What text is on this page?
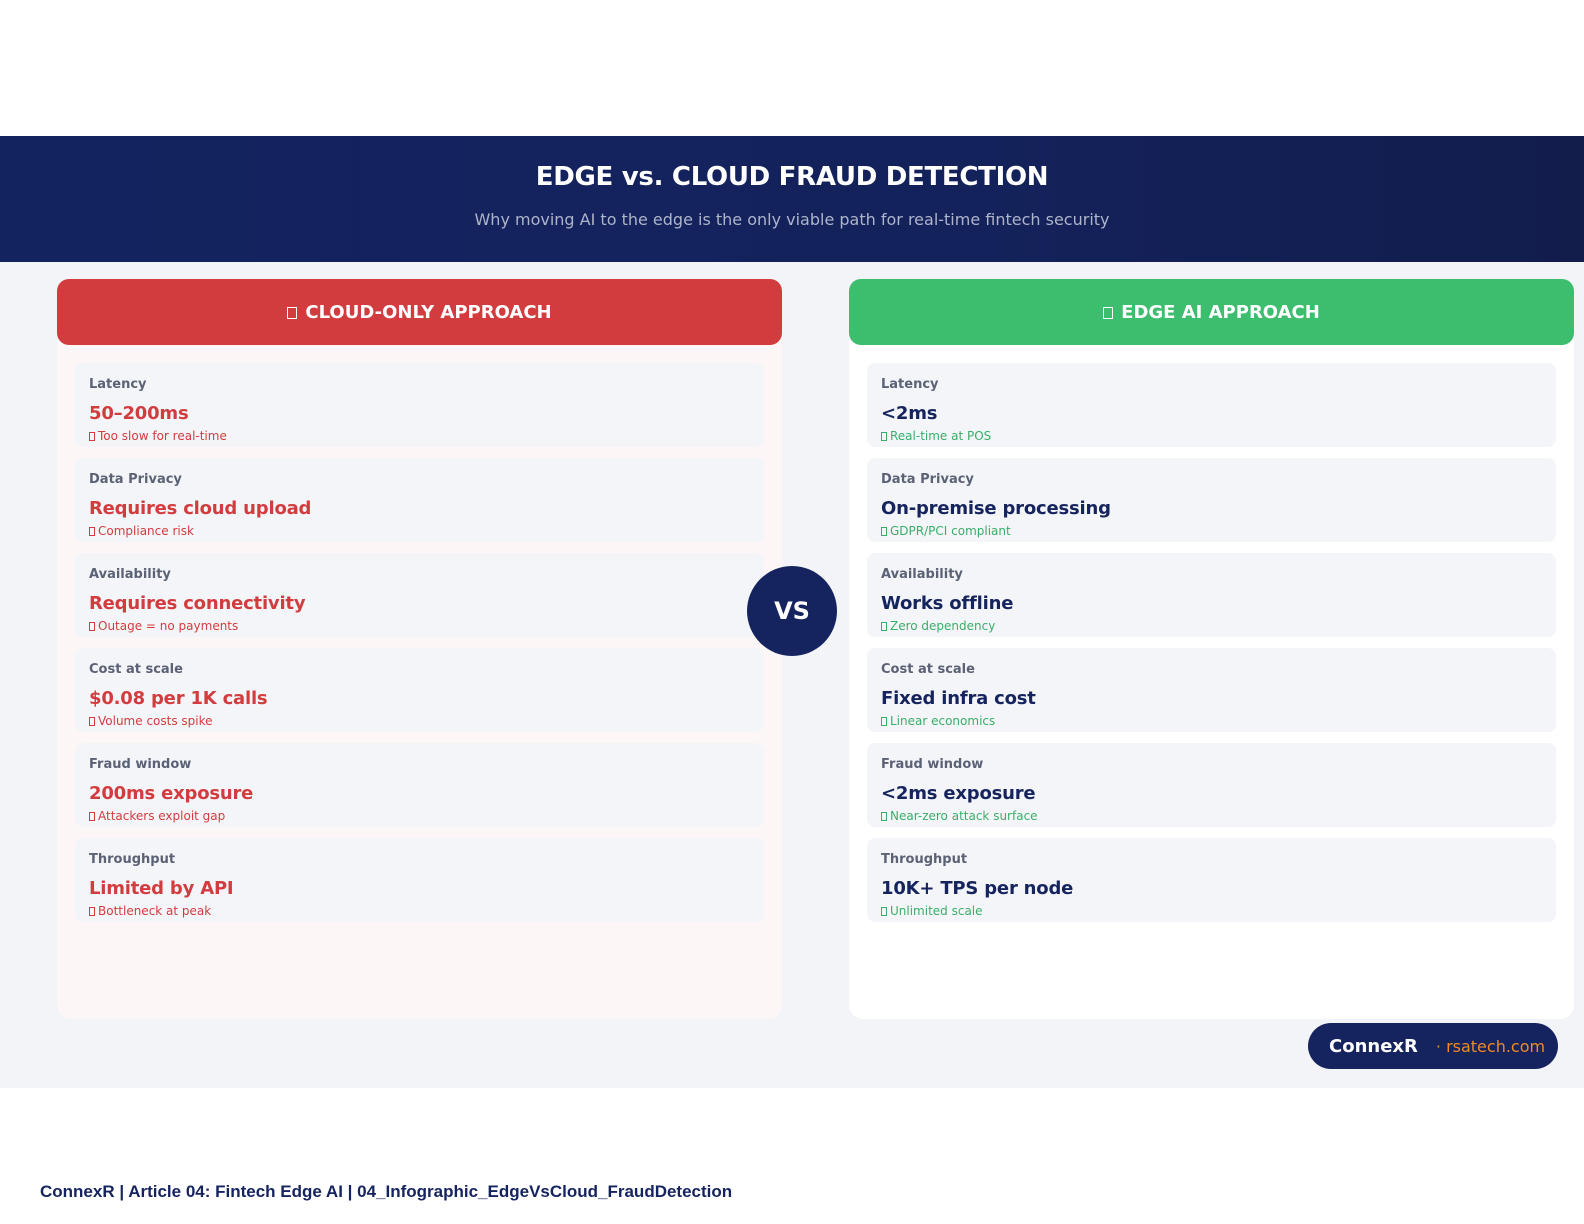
EDGE vs. CLOUD FRAUD DETECTION
Why moving AI to the edge is the only viable path for real-time fintech security
CLOUD-ONLY APPROACH
Latency
50–200ms
Too slow for real-time
Data Privacy
Requires cloud upload
Compliance risk
Availability
Requires connectivity
Outage = no payments
Cost at scale
$0.08 per 1K calls
Volume costs spike
Fraud window
200ms exposure
Attackers exploit gap
Throughput
Limited by API
Bottleneck at peak
EDGE AI APPROACH
Latency
<2ms
Real-time at POS
Data Privacy
On-premise processing
GDPR/PCI compliant
Availability
Works offline
Zero dependency
Cost at scale
Fixed infra cost
Linear economics
Fraud window
<2ms exposure
Near-zero attack surface
Throughput
10K+ TPS per node
Unlimited scale
VS
ConnexR · rsatech.com
ConnexR | Article 04: Fintech Edge AI | 04_Infographic_EdgeVsCloud_FraudDetection
